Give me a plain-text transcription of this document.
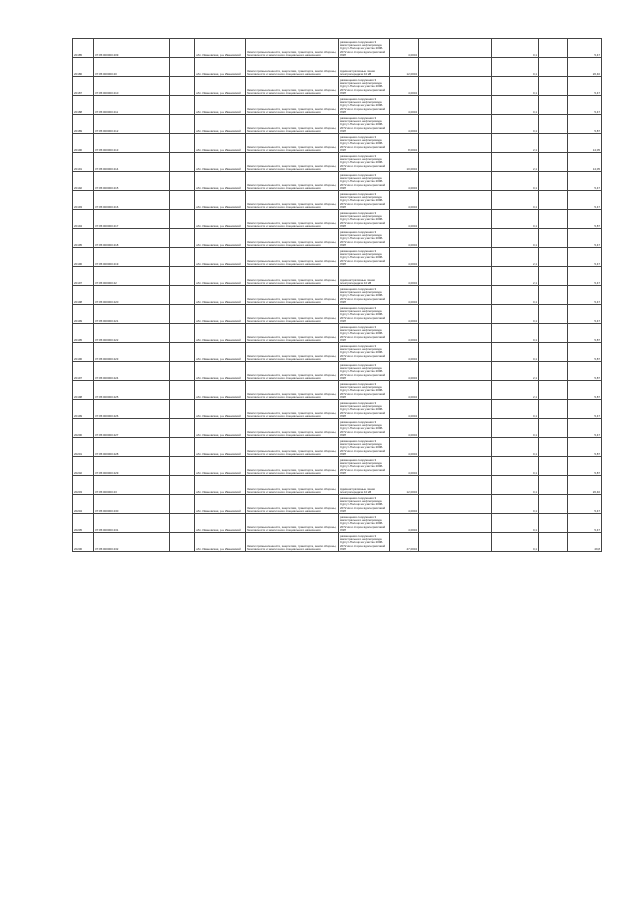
20185	37:05:000000:409		обл. Ивановская, р-н Ивановский	Земли промышленности, энергетики, транспорта, земли обороны, безопасности и земли иного специального назначения	размещения сооружения 3 магистрального нефтепровода Сургут-Полоцк на участке 2008-2072 км и сторон вдольтрассовой ЛЭП	4,0004		0,1		5,47

20186	37:05:000000:40		обл. Ивановская, р-н Ивановский	Земли промышленности, энергетики, транспорта, земли обороны, безопасности и земли иного специального назначения	Административные линии электропередачи 10 кВ	12,0004		0,1		26,40

20187	37:05:000000:410		обл. Ивановская, р-н Ивановский	Земли промышленности, энергетики, транспорта, земли обороны, безопасности и земли иного специального назначения	размещения сооружения 3 магистрального нефтепровода Сургут-Полоцк на участке 2008-2072 км и сторон вдольтрассовой ЛЭП	4,0004		0,1		5,47

20188	37:05:000000:411		обл. Ивановская, р-н Ивановский	Земли промышленности, энергетики, транспорта, земли обороны, безопасности и земли иного специального назначения	размещения сооружения 3 магистрального нефтепровода Сургут-Полоцк на участке 2008-2072 км и сторон вдольтрассовой ЛЭП	4,0004		0,1		5,47

20189	37:05:000000:412		обл. Ивановская, р-н Ивановский	Земли промышленности, энергетики, транспорта, земли обороны, безопасности и земли иного специального назначения	размещения сооружения 3 магистрального нефтепровода Сургут-Полоцк на участке 2008-2072 км и сторон вдольтрассовой ЛЭП	4,0004		0,1		5,87

20190	37:05:000000:413		обл. Ивановская, р-н Ивановский	Земли промышленности, энергетики, транспорта, земли обороны, безопасности и земли иного специального назначения	размещения сооружения 3 магистрального нефтепровода Сургут-Полоцк на участке 2008-2072 км и сторон вдольтрассовой ЛЭП	8,0004		2,1		14,05

20191	37:05:000000:414		обл. Ивановская, р-н Ивановский	Земли промышленности, энергетики, транспорта, земли обороны, безопасности и земли иного специального назначения	размещения сооружения 3 магистрального нефтепровода Сургут-Полоцк на участке 2008-2072 км и сторон вдольтрассовой ЛЭП	10,0004		2,1		14,05

20192	37:05:000000:415		обл. Ивановская, р-н Ивановский	Земли промышленности, энергетики, транспорта, земли обороны, безопасности и земли иного специального назначения	размещения сооружения 3 магистрального нефтепровода Сургут-Полоцк на участке 2008-2072 км и сторон вдольтрассовой ЛЭП	4,0004		0,1		5,47

20193	37:05:000000:416		обл. Ивановская, р-н Ивановский	Земли промышленности, энергетики, транспорта, земли обороны, безопасности и земли иного специального назначения	размещения сооружения 3 магистрального нефтепровода Сургут-Полоцк на участке 2008-2072 км и сторон вдольтрассовой ЛЭП	4,0004		0,1		5,47

20194	37:05:000000:417		обл. Ивановская, р-н Ивановский	Земли промышленности, энергетики, транспорта, земли обороны, безопасности и земли иного специального назначения	размещения сооружения 3 магистрального нефтепровода Сургут-Полоцк на участке 2008-2072 км и сторон вдольтрассовой ЛЭП	4,0004		0,1		5,87

20195	37:05:000000:418		обл. Ивановская, р-н Ивановский	Земли промышленности, энергетики, транспорта, земли обороны, безопасности и земли иного специального назначения	размещения сооружения 3 магистрального нефтепровода Сургут-Полоцк на участке 2008-2072 км и сторон вдольтрассовой ЛЭП	4,0004		0,1		5,47

20196	37:05:000000:419		обл. Ивановская, р-н Ивановский	Земли промышленности, энергетики, транспорта, земли обороны, безопасности и земли иного специального назначения	размещения сооружения 3 магистрального нефтепровода Сургут-Полоцк на участке 2008-2072 км и сторон вдольтрассовой ЛЭП	4,0004		2,1		5,47

20197	37:05:000000:42		обл. Ивановская, р-н Ивановский	Земли промышленности, энергетики, транспорта, земли обороны, безопасности и земли иного специального назначения	Административные линии электропередачи 10 кВ	4,0004		2,1		5,47

20198	37:05:000000:420		обл. Ивановская, р-н Ивановский	Земли промышленности, энергетики, транспорта, земли обороны, безопасности и земли иного специального назначения	размещения сооружения 3 магистрального нефтепровода Сургут-Полоцк на участке 2008-2072 км и сторон вдольтрассовой ЛЭП	4,0004		0,1		5,47

20199	37:05:000000:421		обл. Ивановская, р-н Ивановский	Земли промышленности, энергетики, транспорта, земли обороны, безопасности и земли иного специального назначения	размещения сооружения 3 магистрального нефтепровода Сургут-Полоцк на участке 2008-2072 км и сторон вдольтрассовой ЛЭП	4,0004		0,1		5,47

20195	37:05:000000:422		обл. Ивановская, р-н Ивановский	Земли промышленности, энергетики, транспорта, земли обороны, безопасности и земли иного специального назначения	размещения сооружения 3 магистрального нефтепровода Сургут-Полоцк на участке 2008-2072 км и сторон вдольтрассовой ЛЭП	4,0004		0,1		5,87

20196	37:05:000000:423		обл. Ивановская, р-н Ивановский	Земли промышленности, энергетики, транспорта, земли обороны, безопасности и земли иного специального назначения	размещения сооружения 3 магистрального нефтепровода Сургут-Полоцк на участке 2008-2072 км и сторон вдольтрассовой ЛЭП	4,0004		0,1		5,87

20197	37:05:000000:424		обл. Ивановская, р-н Ивановский	Земли промышленности, энергетики, транспорта, земли обороны, безопасности и земли иного специального назначения	размещения сооружения 3 магистрального нефтепровода Сургут-Полоцк на участке 2008-2072 км и сторон вдольтрассовой ЛЭП	4,0004		2,1		5,87

20198	37:05:000000:425		обл. Ивановская, р-н Ивановский	Земли промышленности, энергетики, транспорта, земли обороны, безопасности и земли иного специального назначения	размещения сооружения 3 магистрального нефтепровода Сургут-Полоцк на участке 2008-2072 км и сторон вдольтрассовой ЛЭП	4,0004		2,1		5,87

20199	37:05:000000:426		обл. Ивановская, р-н Ивановский	Земли промышленности, энергетики, транспорта, земли обороны, безопасности и земли иного специального назначения	размещения сооружения 3 магистрального нефтепровода Сургут-Полоцк на участке 2008-2072 км и сторон вдольтрассовой ЛЭП	4,0004		0,1		5,47

20200	37:05:000000:427		обл. Ивановская, р-н Ивановский	Земли промышленности, энергетики, транспорта, земли обороны, безопасности и земли иного специального назначения	размещения сооружения 3 магистрального нефтепровода Сургут-Полоцк на участке 2008-2072 км и сторон вдольтрассовой ЛЭП	4,0004		0,1		5,47

20201	37:05:000000:428		обл. Ивановская, р-н Ивановский	Земли промышленности, энергетики, транспорта, земли обороны, безопасности и земли иного специального назначения	размещения сооружения 3 магистрального нефтепровода Сургут-Полоцк на участке 2008-2072 км и сторон вдольтрассовой ЛЭП	4,0004		0,1		5,87

20202	37:05:000000:429		обл. Ивановская, р-н Ивановский	Земли промышленности, энергетики, транспорта, земли обороны, безопасности и земли иного специального назначения	размещения сооружения 3 магистрального нефтепровода Сургут-Полоцк на участке 2008-2072 км и сторон вдольтрассовой ЛЭП	4,0004		0,1		5,87

20203	37:05:000000:43		обл. Ивановская, р-н Ивановский	Земли промышленности, энергетики, транспорта, земли обороны, безопасности и земли иного специального назначения	Административные линии электропередачи 10 кВ	12,0004		0,1		26,40

20204	37:05:000000:430		обл. Ивановская, р-н Ивановский	Земли промышленности, энергетики, транспорта, земли обороны, безопасности и земли иного специального назначения	размещения сооружения 3 магистрального нефтепровода Сургут-Полоцк на участке 2008-2072 км и сторон вдольтрассовой ЛЭП	4,0004		0,1		5,47

20205	37:05:000000:431		обл. Ивановская, р-н Ивановский	Земли промышленности, энергетики, транспорта, земли обороны, безопасности и земли иного специального назначения	размещения сооружения 3 магистрального нефтепровода Сургут-Полоцк на участке 2008-2072 км и сторон вдольтрассовой ЛЭП	4,0004		0,1		5,47

20206	37:05:000000:432		обл. Ивановская, р-н Ивановский	Земли промышленности, энергетики, транспорта, земли обороны, безопасности и земли иного специального назначения	размещения сооружения 3 магистрального нефтепровода Сургут-Полоцк на участке 2008-2072 км и сторон вдольтрассовой ЛЭП	47,0004		0,1		49,8
